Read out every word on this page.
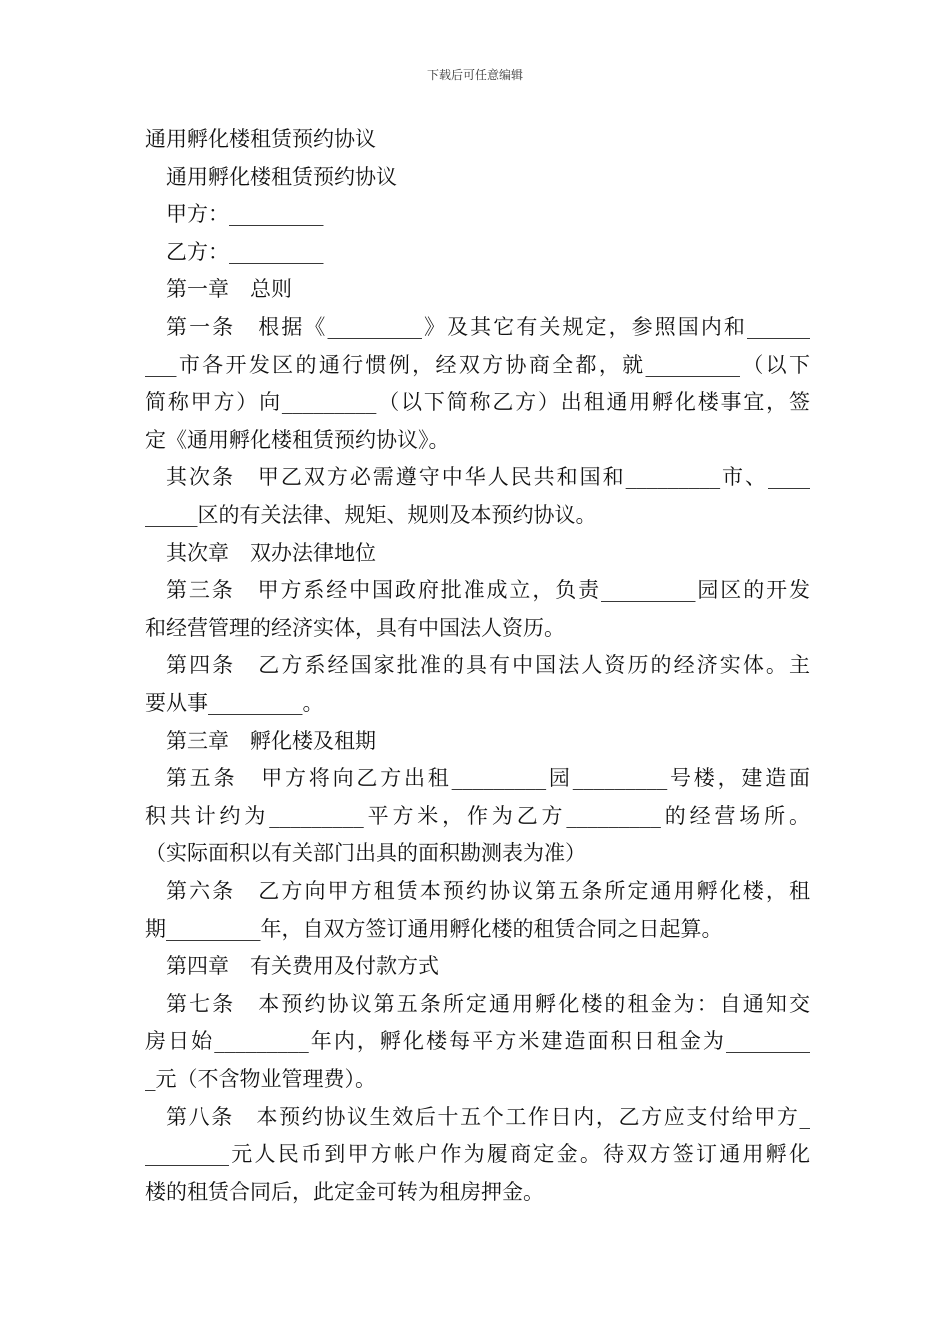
下载后可任意编辑
通用孵化楼租赁预约协议
通用孵化楼租赁预约协议
甲方：_________
乙方：_________
第一章　总则
第一条　根据《_________》及其它有关规定，参照国内和______
___市各开发区的通行惯例，经双方协商全都，就_________（以下
简称甲方）向_________（以下简称乙方）出租通用孵化楼事宜，签
定《通用孵化楼租赁预约协议》。
其次条　甲乙双方必需遵守中华人民共和国和_________市、____
_____区的有关法律、规矩、规则及本预约协议。
其次章　双办法律地位
第三条　甲方系经中国政府批准成立，负责_________园区的开发
和经营管理的经济实体，具有中国法人资历。
第四条　乙方系经国家批准的具有中国法人资历的经济实体。主
要从事_________。
第三章　孵化楼及租期
第五条　甲方将向乙方出租_________园_________号楼，建造面
积共计约为_________平方米，作为乙方_________的经营场所。
（实际面积以有关部门出具的面积勘测表为准）
第六条　乙方向甲方租赁本预约协议第五条所定通用孵化楼，租
期_________年，自双方签订通用孵化楼的租赁合同之日起算。
第四章　有关费用及付款方式
第七条　本预约协议第五条所定通用孵化楼的租金为：自通知交
房日始_________年内，孵化楼每平方米建造面积日租金为________
_元（不含物业管理费）。
第八条　本预约协议生效后十五个工作日内，乙方应支付给甲方_
________元人民币到甲方帐户作为履商定金。待双方签订通用孵化
楼的租赁合同后，此定金可转为租房押金。
